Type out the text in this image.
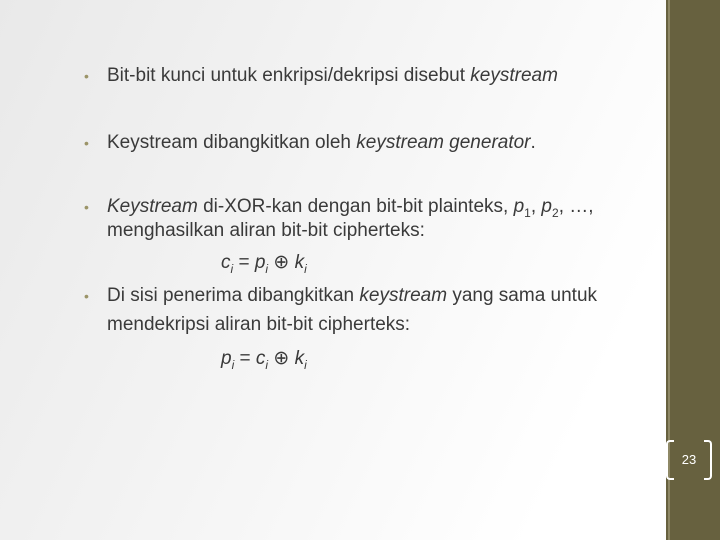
• Bit-bit kunci untuk enkripsi/dekripsi disebut keystream
• Keystream dibangkitkan oleh keystream generator.
• Keystream di-XOR-kan dengan bit-bit plainteks, $p_1$, $p_2$, …,
menghasilkan aliran bit-bit cipherteks:
$c_i = p_i$ ⊕ $k_i$
• Di sisi penerima dibangkitkan keystream yang sama untuk
mendekripsi aliran bit-bit cipherteks:
$p_i = c_i$ ⊕ $k_i$
23
